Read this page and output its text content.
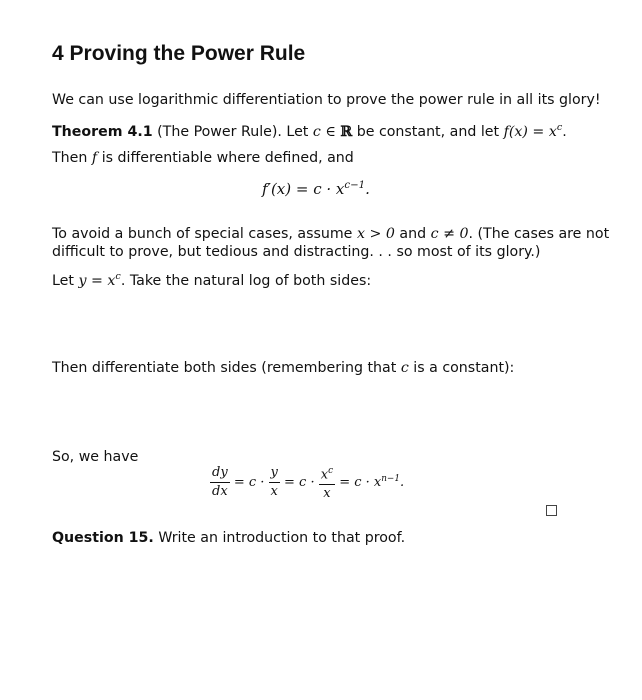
4 Proving the Power Rule
We can use logarithmic differentiation to prove the power rule in all its glory!
Theorem 4.1 (The Power Rule). Let c ∈ ℝ be constant, and let $f(x) = x^c$.
Then f is differentiable where defined, and
$f'(x) = c \cdot x^{c-1}$.
To avoid a bunch of special cases, assume x > 0 and c ≠ 0. (The cases are not
difficult to prove, but tedious and distracting. . . so most of its glory.)
Let $y = x^c$. Take the natural log of both sides:
Then differentiate both sides (remembering that c is a constant):
So, we have
$\frac{dy}{dx} = c \cdot \frac{y}{x} = c \cdot \frac{x^c}{x} = c \cdot x^{n-1}$.
Question 15. Write an introduction to that proof.
